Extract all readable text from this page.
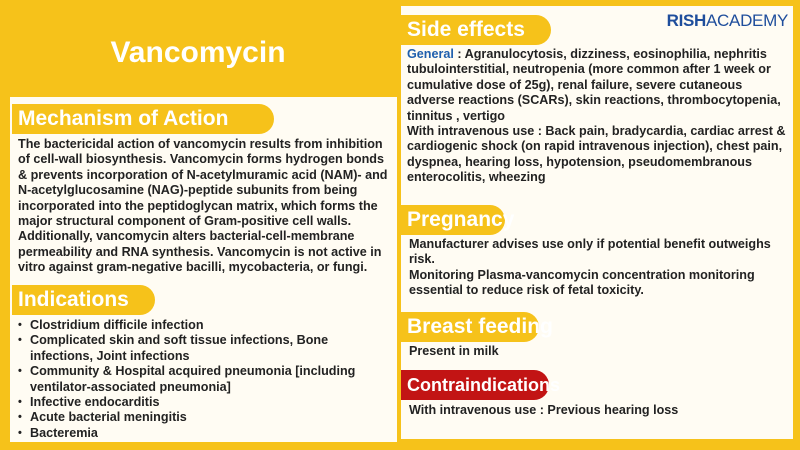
Vancomycin
RISHACADEMY
Mechanism of Action
The bactericidal action of vancomycin results from inhibition of cell-wall biosynthesis. Vancomycin forms hydrogen bonds & prevents incorporation of N-acetylmuramic acid (NAM)- and N-acetylglucosamine (NAG)-peptide subunits from being incorporated into the peptidoglycan matrix, which forms the major structural component of Gram-positive cell walls. Additionally, vancomycin alters bacterial-cell-membrane permeability and RNA synthesis. Vancomycin is not active in vitro against gram-negative bacilli, mycobacteria, or fungi.
Indications
• Clostridium difficile infection
• Complicated skin and soft tissue infections, Bone infections, Joint infections
• Community & Hospital acquired pneumonia [including ventilator-associated pneumonia]
• Infective endocarditis
• Acute bacterial meningitis
• Bacteremia
Side effects
General : Agranulocytosis, dizziness, eosinophilia, nephritis tubulointerstitial, neutropenia (more common after 1 week or cumulative dose of 25g), renal failure, severe cutaneous adverse reactions (SCARs), skin reactions, thrombocytopenia, tinnitus , vertigo
With intravenous use : Back pain, bradycardia, cardiac arrest & cardiogenic shock (on rapid intravenous injection), chest pain, dyspnea, hearing loss, hypotension, pseudomembranous enterocolitis, wheezing
Pregnancy
Manufacturer advises use only if potential benefit outweighs risk.
Monitoring Plasma-vancomycin concentration monitoring essential to reduce risk of fetal toxicity.
Breast feeding
Present in milk
Contraindications
With intravenous use : Previous hearing loss
